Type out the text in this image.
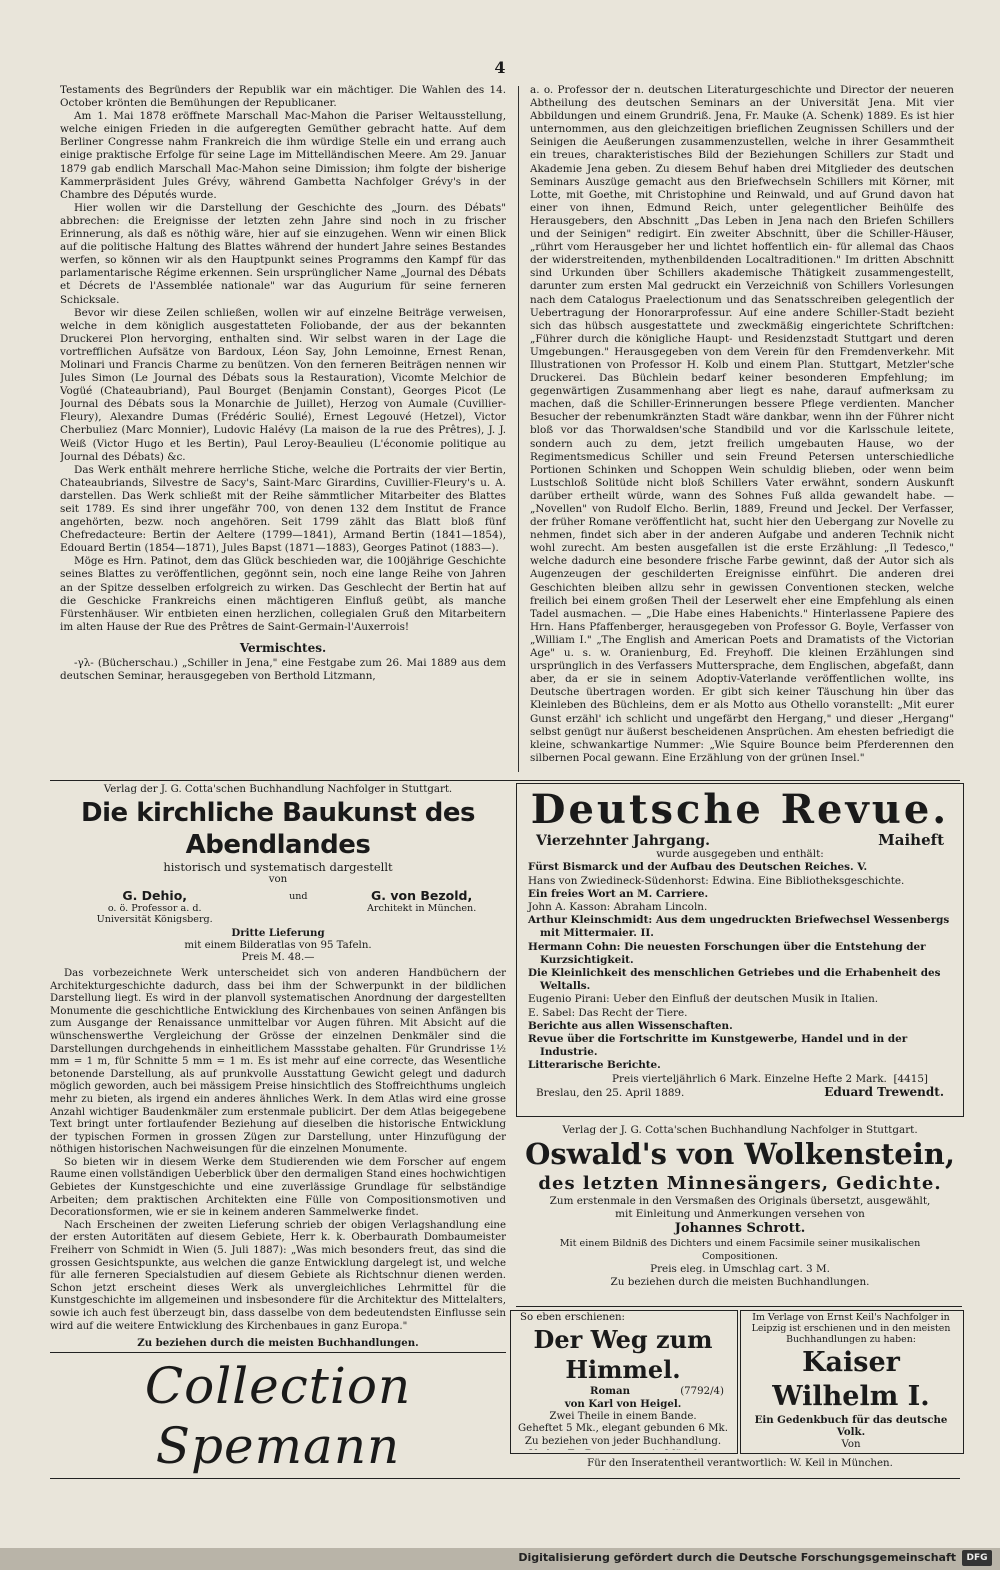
4

Testaments des Begründers der Republik war ein mächtiger. Die Wahlen des 14. October krönten die Bemühungen der Republicaner.

Am 1. Mai 1878 eröffnete Marschall Mac-Mahon die Pariser Weltausstellung, welche einigen Frieden in die aufgeregten Gemüther gebracht hatte. Auf dem Berliner Congresse nahm Frankreich die ihm würdige Stelle ein und errang auch einige praktische Erfolge für seine Lage im Mittelländischen Meere. Am 29. Januar 1879 gab endlich Marschall Mac-Mahon seine Dimission; ihm folgte der bisherige Kammerpräsident Jules Grévy, während Gambetta Nachfolger Grévy's in der Chambre des Députés wurde.

Hier wollen wir die Darstellung der Geschichte des „Journ. des Débats" abbrechen: die Ereignisse der letzten zehn Jahre sind noch in zu frischer Erinnerung, als daß es nöthig wäre, hier auf sie einzugehen. Wenn wir einen Blick auf die politische Haltung des Blattes während der hundert Jahre seines Bestandes werfen, so können wir als den Hauptpunkt seines Programms den Kampf für das parlamentarische Régime erkennen. Sein ursprünglicher Name „Journal des Débats et Décrets de l'Assemblée nationale" war das Augurium für seine ferneren Schicksale.

Bevor wir diese Zeilen schließen, wollen wir auf einzelne Beiträge verweisen, welche in dem königlich ausgestatteten Foliobande, der aus der bekannten Druckerei Plon hervorging, enthalten sind. Wir selbst waren in der Lage die vortrefflichen Aufsätze von Bardoux, Léon Say, John Lemoinne, Ernest Renan, Molinari und Francis Charme zu benützen. Von den ferneren Beiträgen nennen wir Jules Simon (Le Journal des Débats sous la Restauration), Vicomte Melchior de Vogüé (Chateaubriand), Paul Bourget (Benjamin Constant), Georges Picot (Le Journal des Débats sous la Monarchie de Juillet), Herzog von Aumale (Cuvillier-Fleury), Alexandre Dumas (Frédéric Soulié), Ernest Legouvé (Hetzel), Victor Cherbuliez (Marc Monnier), Ludovic Halévy (La maison de la rue des Prêtres), J. J. Weiß (Victor Hugo et les Bertin), Paul Leroy-Beaulieu (L'économie politique au Journal des Débats) &c.

Das Werk enthält mehrere herrliche Stiche, welche die Portraits der vier Bertin, Chateaubriands, Silvestre de Sacy's, Saint-Marc Girardins, Cuvillier-Fleury's u. A. darstellen. Das Werk schließt mit der Reihe sämmtlicher Mitarbeiter des Blattes seit 1789. Es sind ihrer ungefähr 700, von denen 132 dem Institut de France angehörten, bezw. noch angehören. Seit 1799 zählt das Blatt bloß fünf Chefredacteure: Bertin der Aeltere (1799—1841), Armand Bertin (1841—1854), Edouard Bertin (1854—1871), Jules Bapst (1871—1883), Georges Patinot (1883—).

Möge es Hrn. Patinot, dem das Glück beschieden war, die 100jährige Geschichte seines Blattes zu veröffentlichen, gegönnt sein, noch eine lange Reihe von Jahren an der Spitze desselben erfolgreich zu wirken. Das Geschlecht der Bertin hat auf die Geschicke Frankreichs einen mächtigeren Einfluß geübt, als manche Fürstenhäuser. Wir entbieten einen herzlichen, collegialen Gruß den Mitarbeitern im alten Hause der Rue des Prêtres de Saint-Germain-l'Auxerrois!

Vermischtes.

-γλ- (Bücherschau.) „Schiller in Jena," eine Festgabe zum 26. Mai 1889 aus dem deutschen Seminar, herausgegeben von Berthold Litzmann,

a. o. Professor der n. deutschen Literaturgeschichte und Director der neueren Abtheilung des deutschen Seminars an der Universität Jena. Mit vier Abbildungen und einem Grundriß. Jena, Fr. Mauke (A. Schenk) 1889. Es ist hier unternommen, aus den gleichzeitigen brieflichen Zeugnissen Schillers und der Seinigen die Aeußerungen zusammenzustellen, welche in ihrer Gesammtheit ein treues, charakteristisches Bild der Beziehungen Schillers zur Stadt und Akademie Jena geben. Zu diesem Behuf haben drei Mitglieder des deutschen Seminars Auszüge gemacht aus den Briefwechseln Schillers mit Körner, mit Lotte, mit Goethe, mit Christophine und Reinwald, und auf Grund davon hat einer von ihnen, Edmund Reich, unter gelegentlicher Beihülfe des Herausgebers, den Abschnitt „Das Leben in Jena nach den Briefen Schillers und der Seinigen" redigirt. Ein zweiter Abschnitt, über die Schiller-Häuser, „rührt vom Herausgeber her und lichtet hoffentlich ein- für allemal das Chaos der widerstreitenden, mythenbildenden Localtraditionen." Im dritten Abschnitt sind Urkunden über Schillers akademische Thätigkeit zusammengestellt, darunter zum ersten Mal gedruckt ein Verzeichniß von Schillers Vorlesungen nach dem Catalogus Praelectionum und das Senatsschreiben gelegentlich der Uebertragung der Honorarprofessur. Auf eine andere Schiller-Stadt bezieht sich das hübsch ausgestattete und zweckmäßig eingerichtete Schriftchen: „Führer durch die königliche Haupt- und Residenzstadt Stuttgart und deren Umgebungen." Herausgegeben von dem Verein für den Fremdenverkehr. Mit Illustrationen von Professor H. Kolb und einem Plan. Stuttgart, Metzler'sche Druckerei. Das Büchlein bedarf keiner besonderen Empfehlung; im gegenwärtigen Zusammenhang aber liegt es nahe, darauf aufmerksam zu machen, daß die Schiller-Erinnerungen bessere Pflege verdienten. Mancher Besucher der rebenumkränzten Stadt wäre dankbar, wenn ihn der Führer nicht bloß vor das Thorwaldsen'sche Standbild und vor die Karlsschule leitete, sondern auch zu dem, jetzt freilich umgebauten Hause, wo der Regimentsmedicus Schiller und sein Freund Petersen unterschiedliche Portionen Schinken und Schoppen Wein schuldig blieben, oder wenn beim Lustschloß Solitüde nicht bloß Schillers Vater erwähnt, sondern Auskunft darüber ertheilt würde, wann des Sohnes Fuß allda gewandelt habe. — „Novellen" von Rudolf Elcho. Berlin, 1889, Freund und Jeckel. Der Verfasser, der früher Romane veröffentlicht hat, sucht hier den Uebergang zur Novelle zu nehmen, findet sich aber in der anderen Aufgabe und anderen Technik nicht wohl zurecht. Am besten ausgefallen ist die erste Erzählung: „Il Tedesco," welche dadurch eine besondere frische Farbe gewinnt, daß der Autor sich als Augenzeugen der geschilderten Ereignisse einführt. Die anderen drei Geschichten bleiben allzu sehr in gewissen Conventionen stecken, welche freilich bei einem großen Theil der Leserwelt eher eine Empfehlung als einen Tadel ausmachen. — „Die Habe eines Habenichts." Hinterlassene Papiere des Hrn. Hans Pfaffenberger, herausgegeben von Professor G. Boyle, Verfasser von „William I." „The English and American Poets and Dramatists of the Victorian Age" u. s. w. Oranienburg, Ed. Freyhoff. Die kleinen Erzählungen sind ursprünglich in des Verfassers Muttersprache, dem Englischen, abgefaßt, dann aber, da er sie in seinem Adoptiv-Vaterlande veröffentlichen wollte, ins Deutsche übertragen worden. Er gibt sich keiner Täuschung hin über das Kleinleben des Büchleins, dem er als Motto aus Othello voranstellt: „Mit eurer Gunst erzähl' ich schlicht und ungefärbt den Hergang," und dieser „Hergang" selbst genügt nur äußerst bescheidenen Ansprüchen. Am ehesten befriedigt die kleine, schwankartige Nummer: „Wie Squire Bounce beim Pferderennen den silbernen Pocal gewann. Eine Erzählung von der grünen Insel."

Verlag der J. G. Cotta'schen Buchhandlung Nachfolger in Stuttgart.
Die kirchliche Baukunst des Abendlandes
historisch und systematisch dargestellt
von
G. Dehio,
o. ö. Professor a. d. Universität Königsberg.
und	G. von Bezold,
Architekt in München.
Dritte Lieferung
mit einem Bilderatlas von 95 Tafeln.
Preis M. 48.—

Das vorbezeichnete Werk unterscheidet sich von anderen Handbüchern der Architekturgeschichte dadurch, dass bei ihm der Schwerpunkt in der bildlichen Darstellung liegt. Es wird in der planvoll systematischen Anordnung der dargestellten Monumente die geschichtliche Entwicklung des Kirchenbaues von seinen Anfängen bis zum Ausgange der Renaissance unmittelbar vor Augen führen. Mit Absicht auf die wünschenswerthe Vergleichung der Grösse der einzelnen Denkmäler sind die Darstellungen durchgehends in einheitlichem Massstabe gehalten. Für Grundrisse 1½ mm = 1 m, für Schnitte 5 mm = 1 m. Es ist mehr auf eine correcte, das Wesentliche betonende Darstellung, als auf prunkvolle Ausstattung Gewicht gelegt und dadurch möglich geworden, auch bei mässigem Preise hinsichtlich des Stoffreichthums ungleich mehr zu bieten, als irgend ein anderes ähnliches Werk. In dem Atlas wird eine grosse Anzahl wichtiger Baudenkmäler zum erstenmale publicirt. Der dem Atlas beigegebene Text bringt unter fortlaufender Beziehung auf dieselben die historische Entwicklung der typischen Formen in grossen Zügen zur Darstellung, unter Hinzufügung der nöthigen historischen Nachweisungen für die einzelnen Monumente.

So bieten wir in diesem Werke dem Studierenden wie dem Forscher auf engem Raume einen vollständigen Ueberblick über den dermaligen Stand eines hochwichtigen Gebietes der Kunstgeschichte und eine zuverlässige Grundlage für selbständige Arbeiten; dem praktischen Architekten eine Fülle von Compositionsmotiven und Decorationsformen, wie er sie in keinem anderen Sammelwerke findet.

Nach Erscheinen der zweiten Lieferung schrieb der obigen Verlagshandlung eine der ersten Autoritäten auf diesem Gebiete, Herr k. k. Oberbaurath Dombaumeister Freiherr von Schmidt in Wien (5. Juli 1887): „Was mich besonders freut, das sind die grossen Gesichtspunkte, aus welchen die ganze Entwicklung dargelegt ist, und welche für alle ferneren Specialstudien auf diesem Gebiete als Richtschnur dienen werden. Schon jetzt erscheint dieses Werk als unvergleichliches Lehrmittel für die Kunstgeschichte im allgemeinen und insbesondere für die Architektur des Mittelalters, sowie ich auch fest überzeugt bin, dass dasselbe von dem bedeutendsten Einflusse sein wird auf die weitere Entwicklung des Kirchenbaues in ganz Europa."

Zu beziehen durch die meisten Buchhandlungen.
Collection Spemann
Deutsche Revue.
Vierzehnter Jahrgang.	Maiheft
wurde ausgegeben und enthält:

Fürst Bismarck und der Aufbau des Deutschen Reiches. V.

Hans von Zwiedineck-Südenhorst: Edwina. Eine Bibliotheksgeschichte.

Ein freies Wort an M. Carriere.

John A. Kasson: Abraham Lincoln.

Arthur Kleinschmidt: Aus dem ungedruckten Briefwechsel Wessenbergs mit Mittermaier. II.

Hermann Cohn: Die neuesten Forschungen über die Entstehung der Kurzsichtigkeit.

Die Kleinlichkeit des menschlichen Getriebes und die Erhabenheit des Weltalls.

Eugenio Pirani: Ueber den Einfluß der deutschen Musik in Italien.

E. Sabel: Das Recht der Tiere.

Berichte aus allen Wissenschaften.

Revue über die Fortschritte im Kunstgewerbe, Handel und in der Industrie.

Litterarische Berichte.

Preis vierteljährlich 6 Mark. Einzelne Hefte 2 Mark. [4415]
Breslau, den 25. April 1889.	Eduard Trewendt.
Verlag der J. G. Cotta'schen Buchhandlung Nachfolger in Stuttgart.
Oswald's von Wolkenstein,
des letzten Minnesängers, Gedichte.
Zum erstenmale in den Versmaßen des Originals übersetzt, ausgewählt,
mit Einleitung und Anmerkungen versehen von
Johannes Schrott.
Mit einem Bildniß des Dichters und einem Facsimile seiner musikalischen Compositionen.
Preis eleg. in Umschlag cart. 3 M.
Zu beziehen durch die meisten Buchhandlungen.
So eben erschienen:
Der Weg zum Himmel.
Roman	(7792/4)
von Karl von Heigel.
Zwei Theile in einem Bande.
Geheftet 5 Mk., elegant gebunden 6 Mk.
Zu beziehen von jeder Buchhandlung.
Im Verlage von Ernst Keil's Nachfolger in Leipzig ist erschienen und in den meisten Buchhandlungen zu haben:
Kaiser Wilhelm I.
Ein Gedenkbuch für das deutsche Volk.
Von
Für den Inseratentheil verantwortlich: W. Keil in München.
Digitalisierung gefördert durch die Deutsche Forschungsgemeinschaft	DFG
